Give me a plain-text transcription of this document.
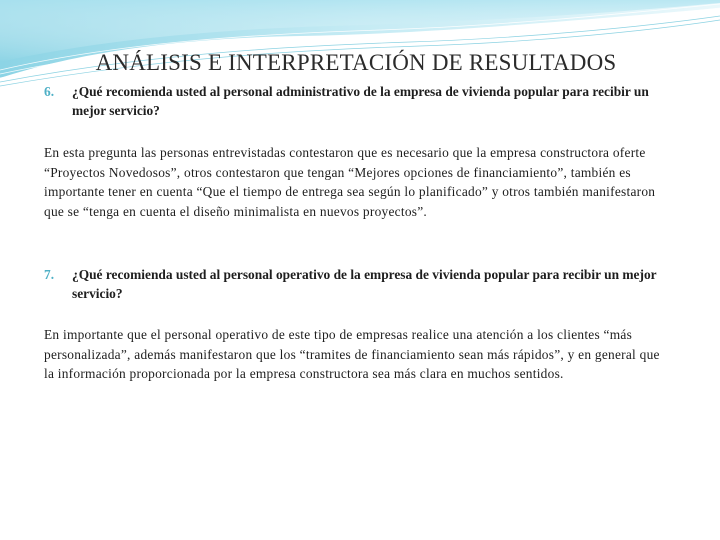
ANÁLISIS E INTERPRETACIÓN DE RESULTADOS
6.	¿Qué recomienda usted al personal administrativo de la empresa de vivienda popular para recibir un mejor servicio?

En esta pregunta las personas entrevistadas contestaron que es necesario que la empresa constructora oferte “Proyectos Novedosos”, otros contestaron que tengan “Mejores opciones de financiamiento”, también es importante tener en cuenta “Que el tiempo de entrega sea según lo planificado” y otros también manifestaron que se “tenga en cuenta el diseño minimalista en nuevos proyectos”.

7.	¿Qué recomienda usted al personal operativo de la empresa de vivienda popular para recibir un mejor servicio?

En importante que el personal operativo de este tipo de empresas realice una atención a los clientes “más personalizada”, además manifestaron que los “tramites de financiamiento sean más rápidos”, y en general que la información proporcionada por la empresa constructora sea más clara en muchos sentidos.
